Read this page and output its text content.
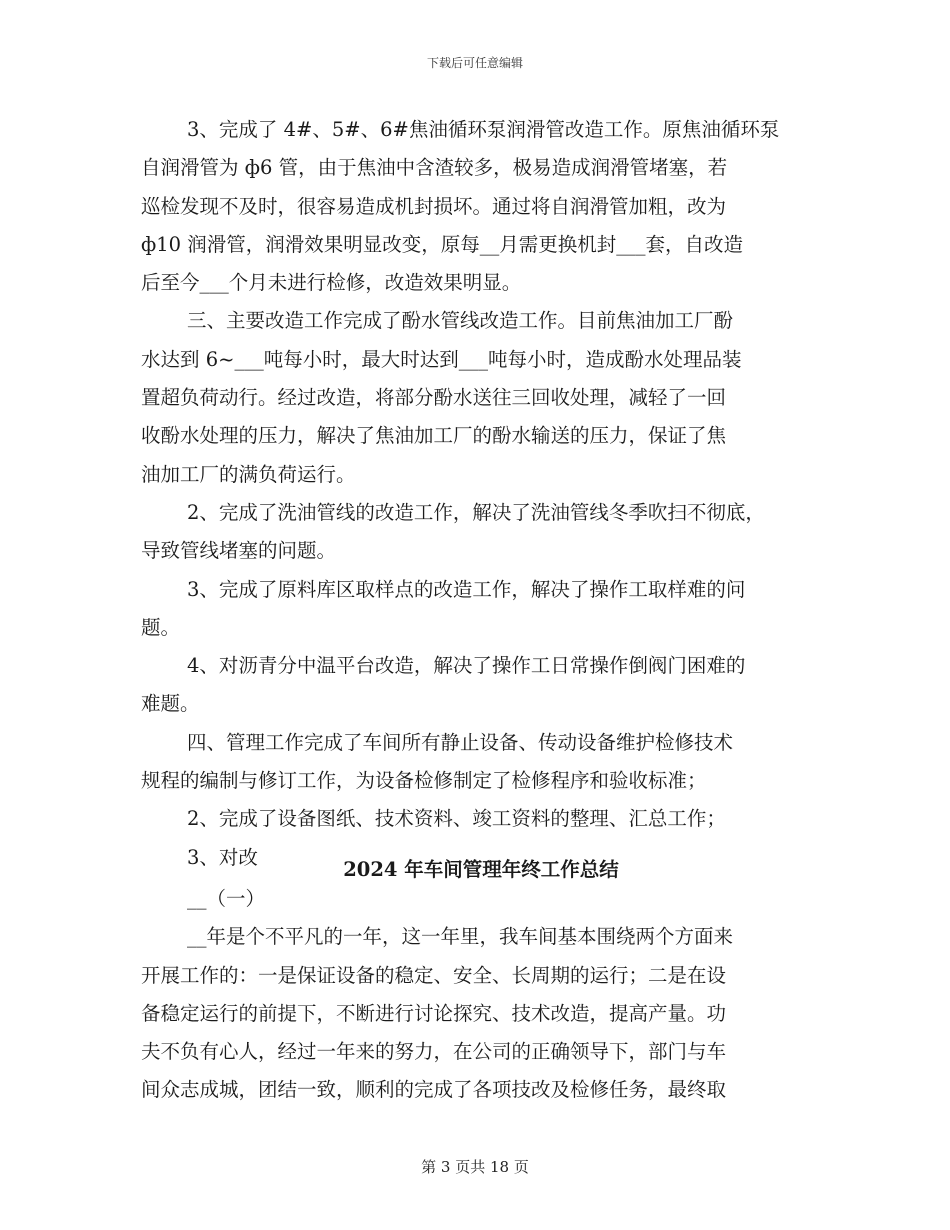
下载后可任意编辑
3、完成了 4#、5#、6#焦油循环泵润滑管改造工作。原焦油循环泵
自润滑管为 ф6 管，由于焦油中含渣较多，极易造成润滑管堵塞，若
巡检发现不及时，很容易造成机封损坏。通过将自润滑管加粗，改为
ф10 润滑管，润滑效果明显改变，原每__月需更换机封___套，自改造
后至今___个月未进行检修，改造效果明显。
三、主要改造工作完成了酚水管线改造工作。目前焦油加工厂酚
水达到 6~___吨每小时，最大时达到___吨每小时，造成酚水处理品装
置超负荷动行。经过改造，将部分酚水送往三回收处理，减轻了一回
收酚水处理的压力，解决了焦油加工厂的酚水输送的压力，保证了焦
油加工厂的满负荷运行。
2、完成了洗油管线的改造工作，解决了洗油管线冬季吹扫不彻底，
导致管线堵塞的问题。
3、完成了原料库区取样点的改造工作，解决了操作工取样难的问
题。
4、对沥青分中温平台改造，解决了操作工日常操作倒阀门困难的
难题。
四、管理工作完成了车间所有静止设备、传动设备维护检修技术
规程的编制与修订工作，为设备检修制定了检修程序和验收标准；
2、完成了设备图纸、技术资料、竣工资料的整理、汇总工作；
3、对改
2024 年车间管理年终工作总结
__（一）
__年是个不平凡的一年，这一年里，我车间基本围绕两个方面来
开展工作的：一是保证设备的稳定、安全、长周期的运行；二是在设
备稳定运行的前提下，不断进行讨论探究、技术改造，提高产量。功
夫不负有心人，经过一年来的努力，在公司的正确领导下，部门与车
间众志成城，团结一致，顺利的完成了各项技改及检修任务，最终取
第 3 页共 18 页
